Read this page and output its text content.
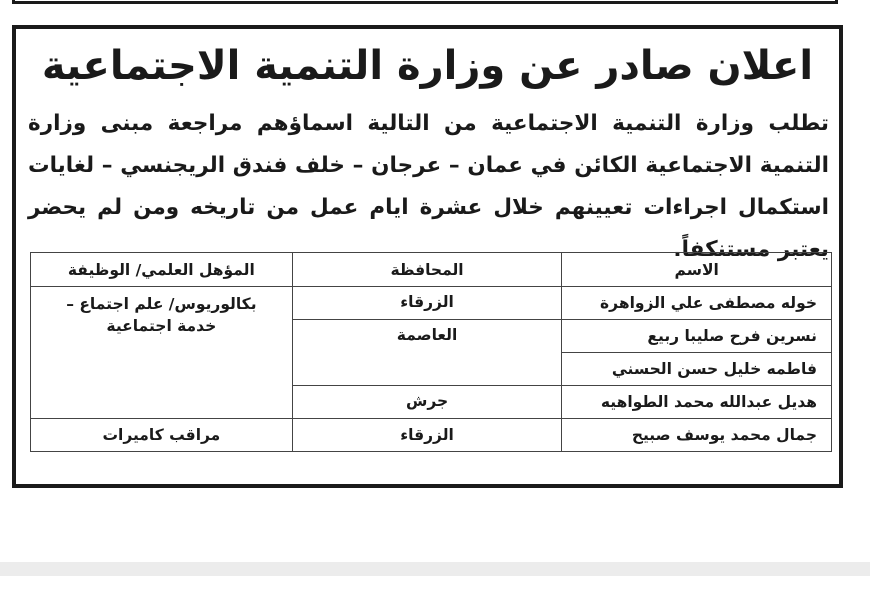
اعلان صادر عن وزارة التنمية الاجتماعية

تطلب وزارة التنمية الاجتماعية من التالية اسماؤهم مراجعة مبنى وزارة التنمية الاجتماعية الكائن في عمان – عرجان – خلف فندق الريجنسي – لغايات استكمال اجراءات تعيينهم خلال عشرة ايام عمل من تاريخه ومن لم يحضر يعتبر مستنكفاً.

الاسم	المحافظة	المؤهل العلمي/ الوظيفة
خوله مصطفى علي الزواهرة	الزرقاء	بكالوريوس/ علم اجتماع – خدمة اجتماعية
نسرين فرح صليبا ربيع	العاصمة	
فاطمه خليل حسن الحسني		
هديل عبدالله محمد الطواهيه	جرش	
جمال محمد يوسف صبيح	الزرقاء	مراقب كاميرات
